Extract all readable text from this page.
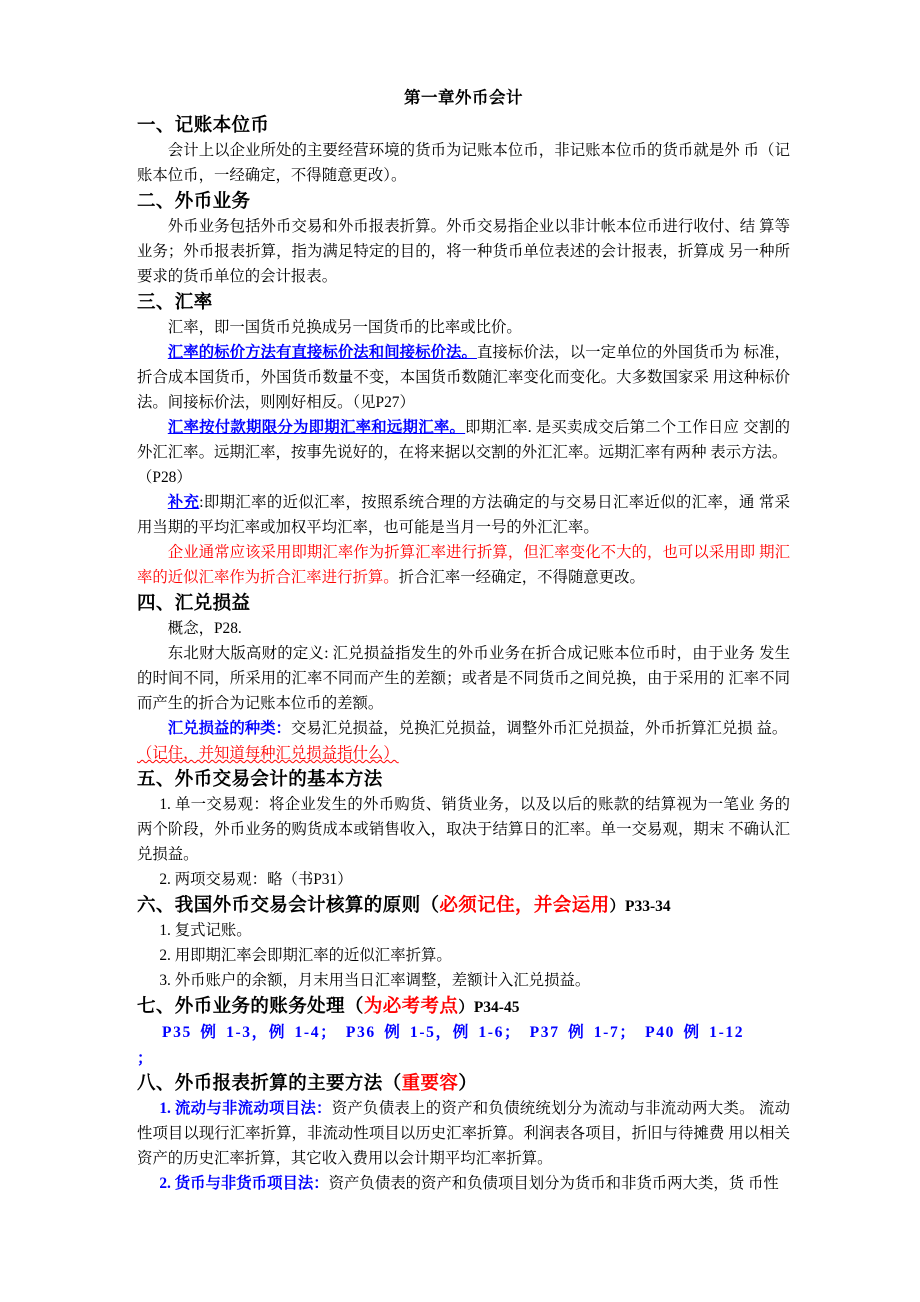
第一章外币会计
一、记账本位币

会计上以企业所处的主要经营环境的货币为记账本位币，非记账本位币的货币就是外 币（记账本位币，一经确定，不得随意更改）。

二、外币业务

外币业务包括外币交易和外币报表折算。外币交易指企业以非计帐本位币进行收付、结 算等业务；外币报表折算，指为满足特定的目的，将一种货币单位表述的会计报表，折算成 另一种所要求的货币单位的会计报表。

三、汇率

汇率，即一国货币兑换成另一国货币的比率或比价。

汇率的标价方法有直接标价法和间接标价法。直接标价法，以一定单位的外国货币为 标准，折合成本国货币，外国货币数量不变，本国货币数随汇率变化而变化。大多数国家采 用这种标价法。间接标价法，则刚好相反。（见P27）

汇率按付款期限分为即期汇率和远期汇率。即期汇率. 是买卖成交后第二个工作日应 交割的外汇汇率。远期汇率，按事先说好的，在将来据以交割的外汇汇率。远期汇率有两种 表示方法。

（P28）

补充:即期汇率的近似汇率，按照系统合理的方法确定的与交易日汇率近似的汇率，通 常采用当期的平均汇率或加权平均汇率，也可能是当月一号的外汇汇率。

企业通常应该采用即期汇率作为折算汇率进行折算，但汇率变化不大的，也可以采用即 期汇率的近似汇率作为折合汇率进行折算。折合汇率一经确定，不得随意更改。

四、汇兑损益

概念，P28.

东北财大版高财的定义: 汇兑损益指发生的外币业务在折合成记账本位币时，由于业务 发生的时间不同，所采用的汇率不同而产生的差额；或者是不同货币之间兑换，由于采用的 汇率不同而产生的折合为记账本位币的差额。

汇兑损益的种类：交易汇兑损益，兑换汇兑损益，调整外币汇兑损益，外币折算汇兑损 益。

（记住，并知道每种汇兑损益指什么）

五、外币交易会计的基本方法

1. 单一交易观：将企业发生的外币购货、销货业务，以及以后的账款的结算视为一笔业 务的两个阶段，外币业务的购货成本或销售收入，取决于结算日的汇率。单一交易观，期末 不确认汇兑损益。

2. 两项交易观：略（书P31）

六、我国外币交易会计核算的原则（必须记住，并会运用）P33-34

1. 复式记账。

2. 用即期汇率会即期汇率的近似汇率折算。

3. 外币账户的余额，月末用当日汇率调整，差额计入汇兑损益。

七、外币业务的账务处理（为必考考点）P34-45

P35 例 1-3，例 1-4； P36 例 1-5，例 1-6； P37 例 1-7； P40 例 1-12

；

八、外币报表折算的主要方法（重要容）

1. 流动与非流动项目法：资产负债表上的资产和负债统统划分为流动与非流动两大类。 流动性项目以现行汇率折算，非流动性项目以历史汇率折算。利润表各项目，折旧与待摊费 用以相关资产的历史汇率折算，其它收入费用以会计期平均汇率折算。

2. 货币与非货币项目法：资产负债表的资产和负债项目划分为货币和非货币两大类，货 币性
